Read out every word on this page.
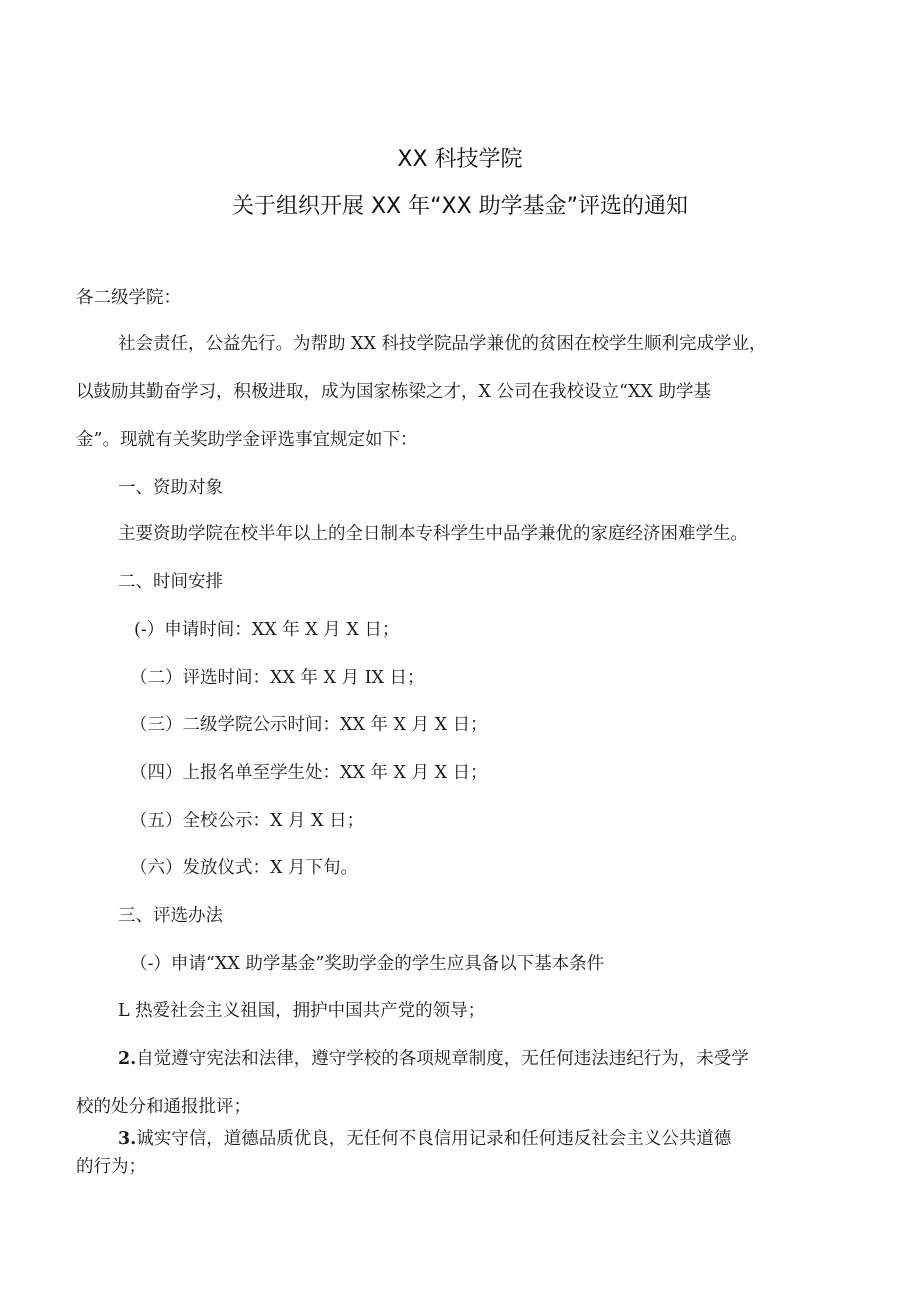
XX 科技学院
关于组织开展 XX 年“XX 助学基金”评选的通知
各二级学院：
社会责任，公益先行。为帮助 XX 科技学院品学兼优的贫困在校学生顺利完成学业，
以鼓励其勤奋学习，积极进取，成为国家栋梁之才，X 公司在我校设立“XX 助学基
金”。现就有关奖助学金评选事宜规定如下：
一、资助对象
主要资助学院在校半年以上的全日制本专科学生中品学兼优的家庭经济困难学生。
二、时间安排
(-）申请时间：XX 年 X 月 X 日；
（二）评选时间：XX 年 X 月 IX 日；
（三）二级学院公示时间：XX 年 X 月 X 日；
（四）上报名单至学生处：XX 年 X 月 X 日；
（五）全校公示：X 月 X 日；
（六）发放仪式：X 月下旬。
三、评选办法
（-）申请“XX 助学基金”奖助学金的学生应具备以下基本条件
L 热爱社会主义祖国，拥护中国共产党的领导；
2.自觉遵守宪法和法律，遵守学校的各项规章制度，无任何违法违纪行为，未受学
校的处分和通报批评；
3.诚实守信，道德品质优良，无任何不良信用记录和任何违反社会主义公共道德
的行为；
